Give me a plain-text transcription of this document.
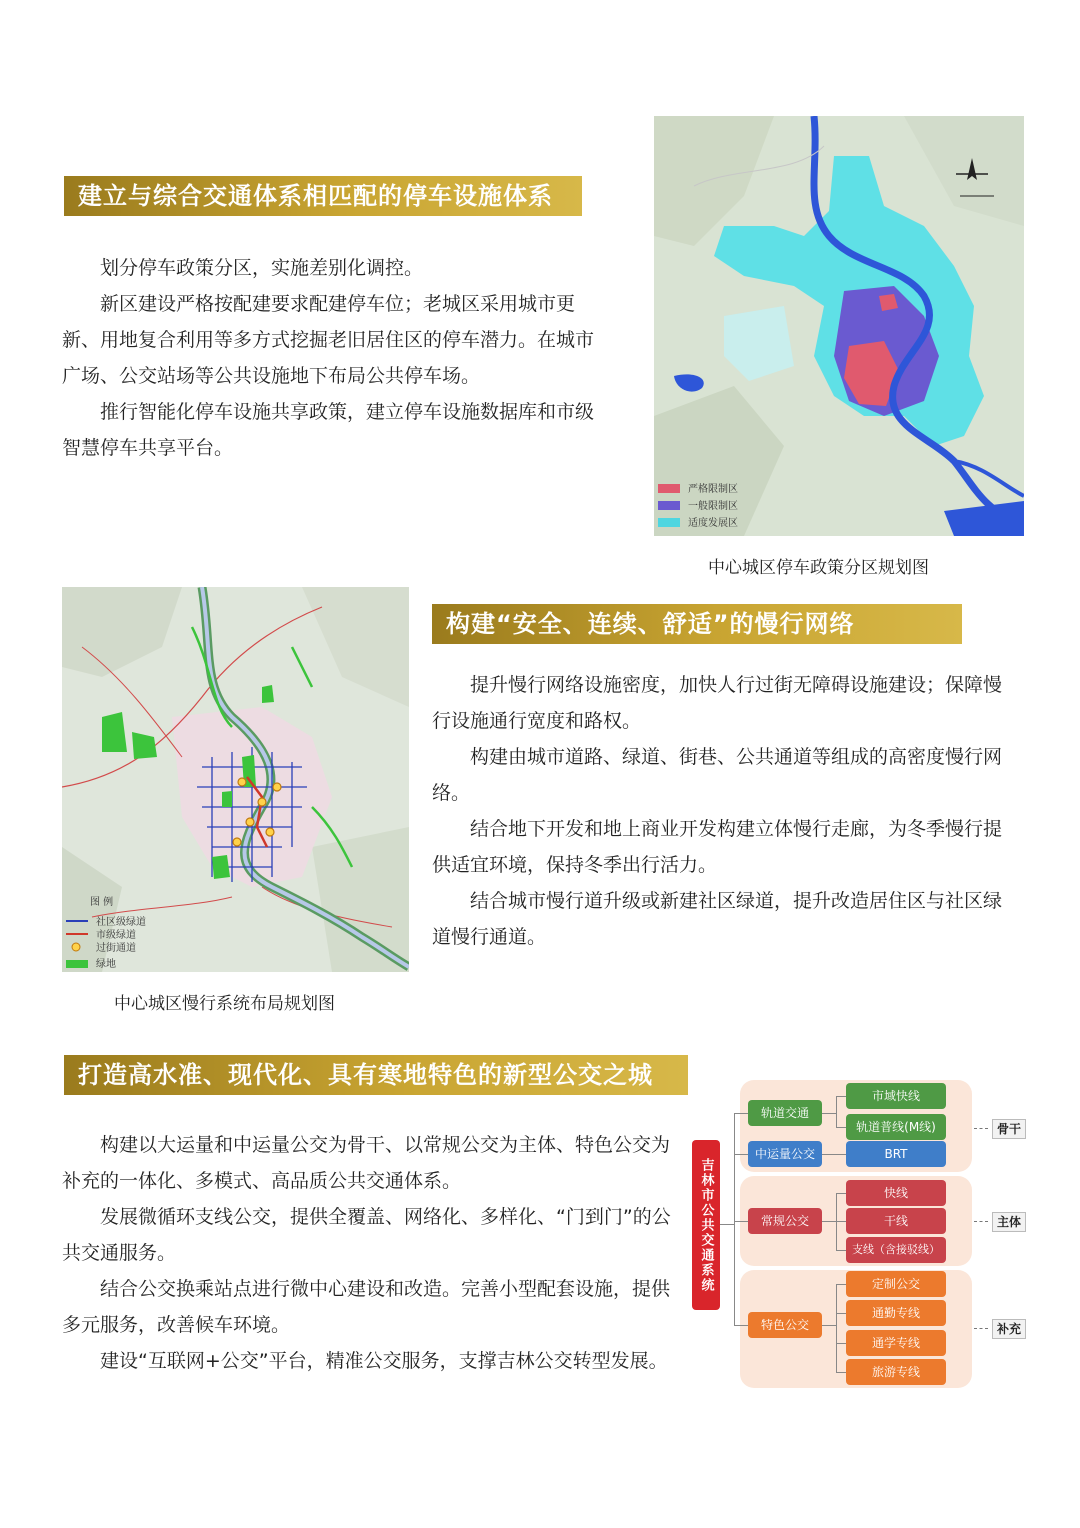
建立与综合交通体系相匹配的停车设施体系

划分停车政策分区，实施差别化调控。

新区建设严格按配建要求配建停车位；老城区采用城市更新、用地复合利用等多方式挖掘老旧居住区的停车潜力。在城市广场、公交站场等公共设施地下布局公共停车场。

推行智能化停车设施共享政策，建立停车设施数据库和市级智慧停车共享平台。

严格限制区
一般限制区
适度发展区
中心城区停车政策分区规划图
图 例
社区级绿道
市级绿道
过街通道
绿地
中心城区慢行系统布局规划图
构建“安全、连续、舒适”的慢行网络

提升慢行网络设施密度，加快人行过街无障碍设施建设；保障慢行设施通行宽度和路权。

构建由城市道路、绿道、街巷、公共通道等组成的高密度慢行网络。

结合地下开发和地上商业开发构建立体慢行走廊，为冬季慢行提供适宜环境，保持冬季出行活力。

结合城市慢行道升级或新建社区绿道，提升改造居住区与社区绿道慢行通道。

打造高水准、现代化、具有寒地特色的新型公交之城

构建以大运量和中运量公交为骨干、以常规公交为主体、特色公交为补充的一体化、多模式、高品质公共交通体系。

发展微循环支线公交，提供全覆盖、网络化、多样化、“门到门”的公共交通服务。

结合公交换乘站点进行微中心建设和改造。完善小型配套设施，提供多元服务，改善候车环境。

建设“互联网+公交”平台，精准公交服务，支撑吉林公交转型发展。

吉林市公共交通系统
轨道交通
中运量公交
市域快线
轨道普线(M线)
BRT
骨干
常规公交
快线
干线
支线（含接驳线）
主体
特色公交
定制公交
通勤专线
通学专线
旅游专线
补充
